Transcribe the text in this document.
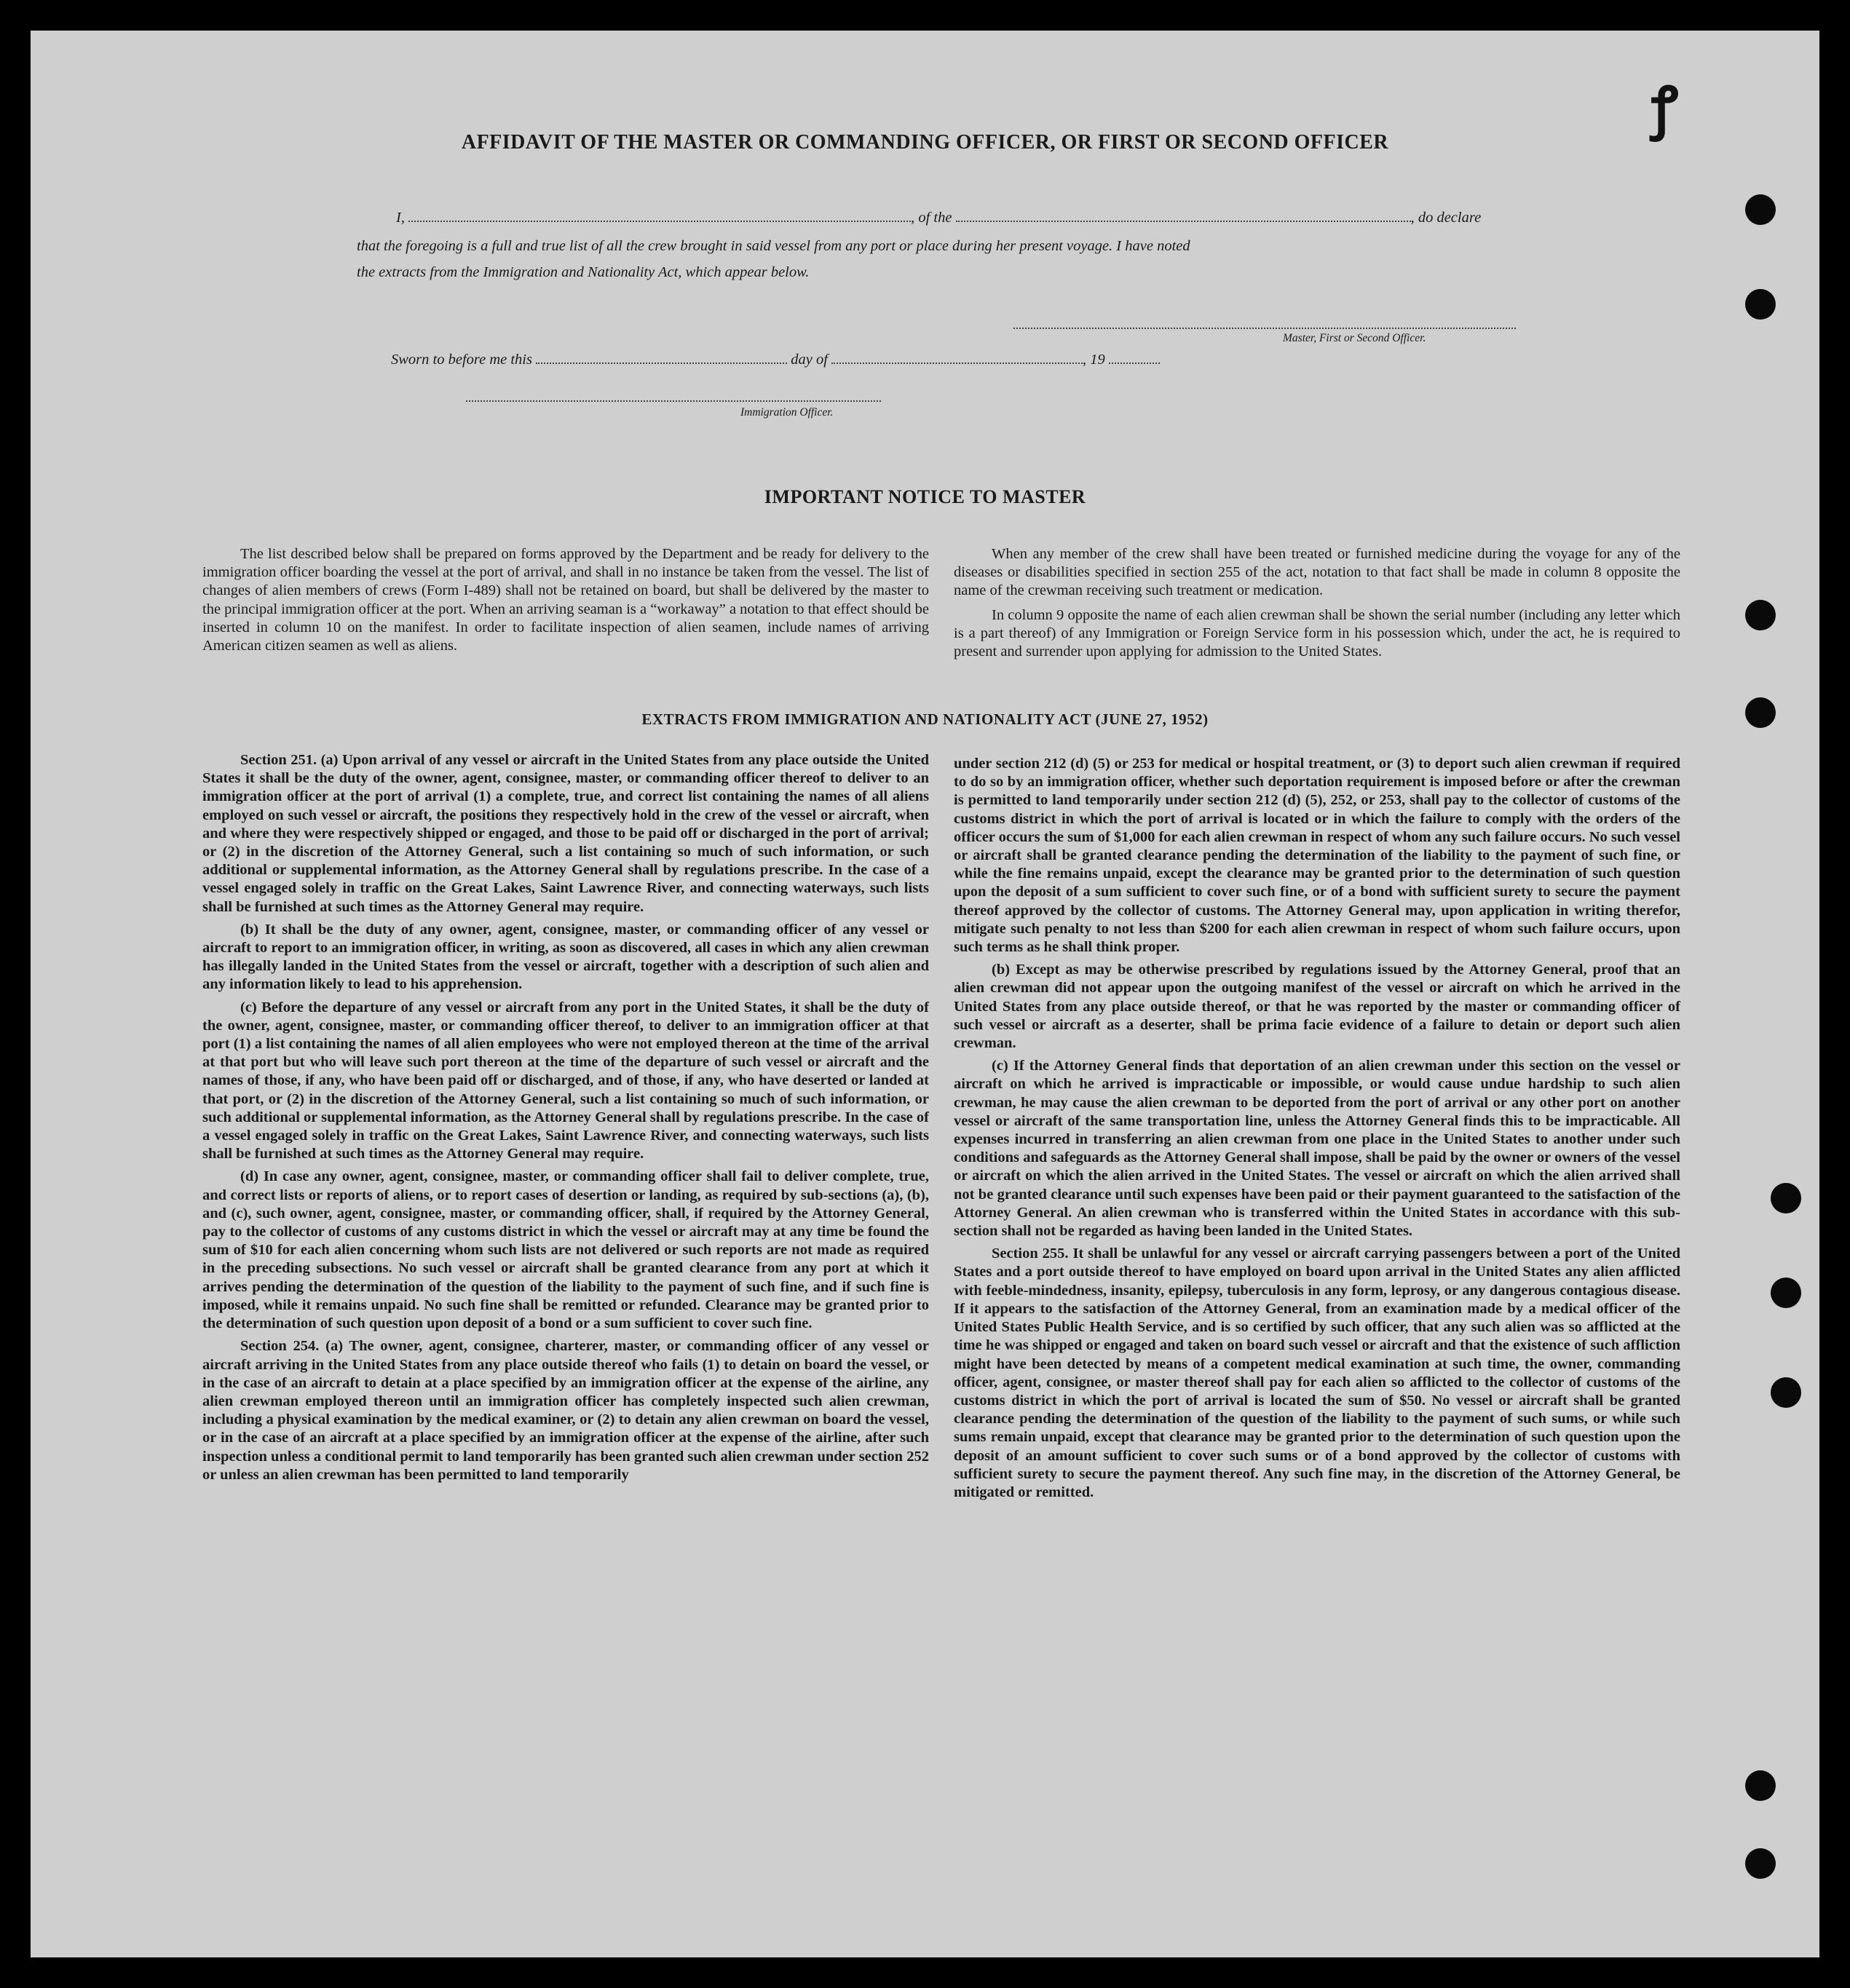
ꝭ
AFFIDAVIT OF THE MASTER OR COMMANDING OFFICER, OR FIRST OR SECOND OFFICER
I,	, of the	, do declare
that the foregoing is a full and true list of all the crew brought in said vessel from any port or place during her present voyage. I have noted
the extracts from the Immigration and Nationality Act, which appear below.
Master, First or Second Officer.
Sworn to before me this	day of	, 19
Immigration Officer.
IMPORTANT NOTICE TO MASTER

The list described below shall be prepared on forms approved by the Department and be ready for delivery to the immigration officer boarding the vessel at the port of arrival, and shall in no instance be taken from the vessel. The list of changes of alien members of crews (Form I-489) shall not be retained on board, but shall be delivered by the master to the principal immigration officer at the port. When an arriving seaman is a “workaway” a notation to that effect should be inserted in column 10 on the manifest. In order to facilitate inspection of alien seamen, include names of arriving American citizen seamen as well as aliens.

When any member of the crew shall have been treated or furnished medicine during the voyage for any of the diseases or disabilities specified in section 255 of the act, notation to that fact shall be made in column 8 opposite the name of the crewman receiving such treatment or medication.

In column 9 opposite the name of each alien crewman shall be shown the serial number (including any letter which is a part thereof) of any Immigration or Foreign Service form in his possession which, under the act, he is required to present and surrender upon applying for admission to the United States.

EXTRACTS FROM IMMIGRATION AND NATIONALITY ACT (JUNE 27, 1952)

Section 251. (a) Upon arrival of any vessel or aircraft in the United States from any place outside the United States it shall be the duty of the owner, agent, consignee, master, or commanding officer thereof to deliver to an immigration officer at the port of arrival (1) a complete, true, and correct list containing the names of all aliens employed on such vessel or aircraft, the positions they respectively hold in the crew of the vessel or aircraft, when and where they were respectively shipped or engaged, and those to be paid off or discharged in the port of arrival; or (2) in the discretion of the Attorney General, such a list containing so much of such information, or such additional or supplemental information, as the Attorney General shall by regulations prescribe. In the case of a vessel engaged solely in traffic on the Great Lakes, Saint Lawrence River, and connecting waterways, such lists shall be furnished at such times as the Attorney General may require.

(b) It shall be the duty of any owner, agent, consignee, master, or commanding officer of any vessel or aircraft to report to an immigration officer, in writing, as soon as discovered, all cases in which any alien crewman has illegally landed in the United States from the vessel or aircraft, together with a description of such alien and any information likely to lead to his apprehension.

(c) Before the departure of any vessel or aircraft from any port in the United States, it shall be the duty of the owner, agent, consignee, master, or commanding officer thereof, to deliver to an immigration officer at that port (1) a list containing the names of all alien employees who were not employed thereon at the time of the arrival at that port but who will leave such port thereon at the time of the departure of such vessel or aircraft and the names of those, if any, who have been paid off or discharged, and of those, if any, who have deserted or landed at that port, or (2) in the discretion of the Attorney General, such a list containing so much of such information, or such additional or supplemental information, as the Attorney General shall by regulations prescribe. In the case of a vessel engaged solely in traffic on the Great Lakes, Saint Lawrence River, and connecting waterways, such lists shall be furnished at such times as the Attorney General may require.

(d) In case any owner, agent, consignee, master, or commanding officer shall fail to deliver complete, true, and correct lists or reports of aliens, or to report cases of desertion or landing, as required by sub-sections (a), (b), and (c), such owner, agent, consignee, master, or commanding officer, shall, if required by the Attorney General, pay to the collector of customs of any customs district in which the vessel or aircraft may at any time be found the sum of $10 for each alien concerning whom such lists are not delivered or such reports are not made as required in the preceding subsections. No such vessel or aircraft shall be granted clearance from any port at which it arrives pending the determination of the question of the liability to the payment of such fine, and if such fine is imposed, while it remains unpaid. No such fine shall be remitted or refunded. Clearance may be granted prior to the determination of such question upon deposit of a bond or a sum sufficient to cover such fine.

Section 254. (a) The owner, agent, consignee, charterer, master, or commanding officer of any vessel or aircraft arriving in the United States from any place outside thereof who fails (1) to detain on board the vessel, or in the case of an aircraft to detain at a place specified by an immigration officer at the expense of the airline, any alien crewman employed thereon until an immigration officer has completely inspected such alien crewman, including a physical examination by the medical examiner, or (2) to detain any alien crewman on board the vessel, or in the case of an aircraft at a place specified by an immigration officer at the expense of the airline, after such inspection unless a conditional permit to land temporarily has been granted such alien crewman under section 252 or unless an alien crewman has been permitted to land temporarily

under section 212 (d) (5) or 253 for medical or hospital treatment, or (3) to deport such alien crewman if required to do so by an immigration officer, whether such deportation requirement is imposed before or after the crewman is permitted to land temporarily under section 212 (d) (5), 252, or 253, shall pay to the collector of customs of the customs district in which the port of arrival is located or in which the failure to comply with the orders of the officer occurs the sum of $1,000 for each alien crewman in respect of whom any such failure occurs. No such vessel or aircraft shall be granted clearance pending the determination of the liability to the payment of such fine, or while the fine remains unpaid, except the clearance may be granted prior to the determination of such question upon the deposit of a sum sufficient to cover such fine, or of a bond with sufficient surety to secure the payment thereof approved by the collector of customs. The Attorney General may, upon application in writing therefor, mitigate such penalty to not less than $200 for each alien crewman in respect of whom such failure occurs, upon such terms as he shall think proper.

(b) Except as may be otherwise prescribed by regulations issued by the Attorney General, proof that an alien crewman did not appear upon the outgoing manifest of the vessel or aircraft on which he arrived in the United States from any place outside thereof, or that he was reported by the master or commanding officer of such vessel or aircraft as a deserter, shall be prima facie evidence of a failure to detain or deport such alien crewman.

(c) If the Attorney General finds that deportation of an alien crewman under this section on the vessel or aircraft on which he arrived is impracticable or impossible, or would cause undue hardship to such alien crewman, he may cause the alien crewman to be deported from the port of arrival or any other port on another vessel or aircraft of the same transportation line, unless the Attorney General finds this to be impracticable. All expenses incurred in transferring an alien crewman from one place in the United States to another under such conditions and safeguards as the Attorney General shall impose, shall be paid by the owner or owners of the vessel or aircraft on which the alien arrived in the United States. The vessel or aircraft on which the alien arrived shall not be granted clearance until such expenses have been paid or their payment guaranteed to the satisfaction of the Attorney General. An alien crewman who is transferred within the United States in accordance with this sub-section shall not be regarded as having been landed in the United States.

Section 255. It shall be unlawful for any vessel or aircraft carrying passengers between a port of the United States and a port outside thereof to have employed on board upon arrival in the United States any alien afflicted with feeble-mindedness, insanity, epilepsy, tuberculosis in any form, leprosy, or any dangerous contagious disease. If it appears to the satisfaction of the Attorney General, from an examination made by a medical officer of the United States Public Health Service, and is so certified by such officer, that any such alien was so afflicted at the time he was shipped or engaged and taken on board such vessel or aircraft and that the existence of such affliction might have been detected by means of a competent medical examination at such time, the owner, commanding officer, agent, consignee, or master thereof shall pay for each alien so afflicted to the collector of customs of the customs district in which the port of arrival is located the sum of $50. No vessel or aircraft shall be granted clearance pending the determination of the question of the liability to the payment of such sums, or while such sums remain unpaid, except that clearance may be granted prior to the determination of such question upon the deposit of an amount sufficient to cover such sums or of a bond approved by the collector of customs with sufficient surety to secure the payment thereof. Any such fine may, in the discretion of the Attorney General, be mitigated or remitted.
